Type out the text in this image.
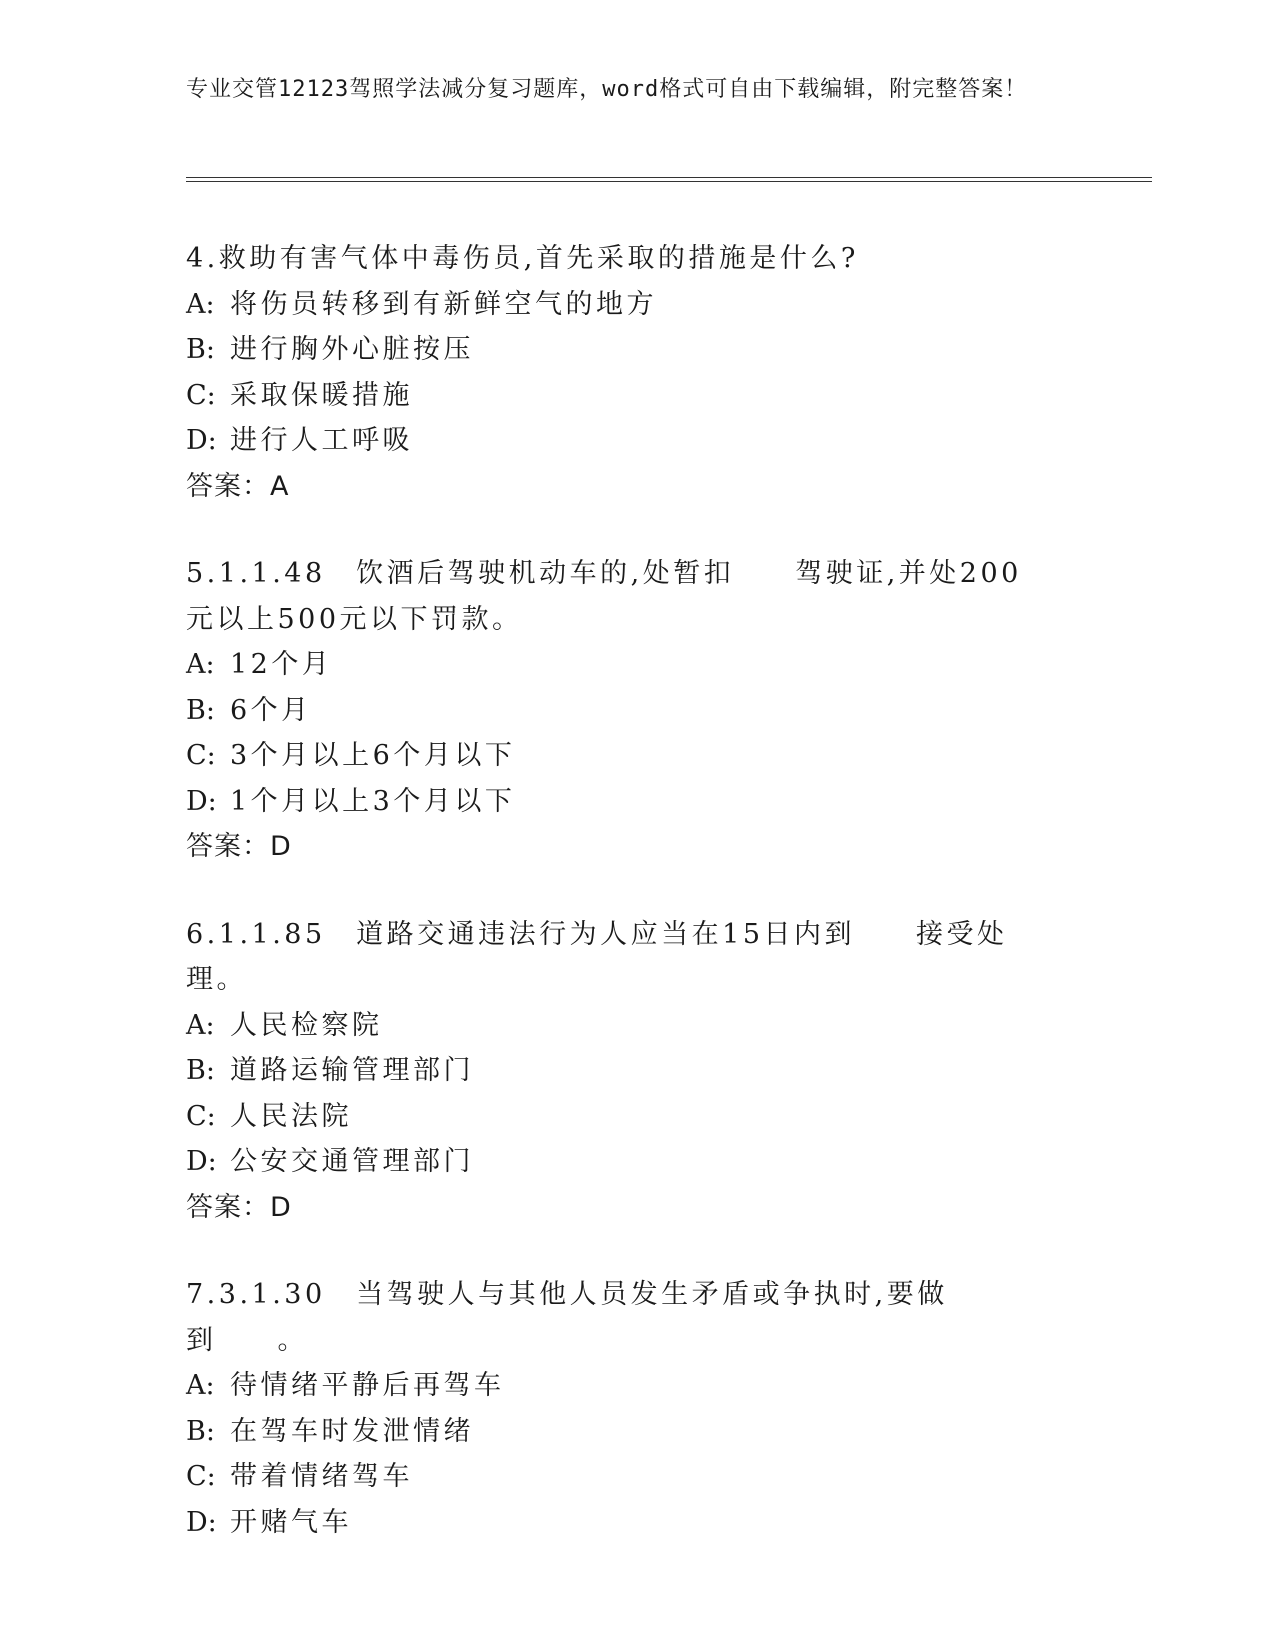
专业交管12123驾照学法减分复习题库，word格式可自由下载编辑，附完整答案！
4.救助有害气体中毒伤员,首先采取的措施是什么?
A: 将伤员转移到有新鲜空气的地方
B: 进行胸外心脏按压
C: 采取保暖措施
D: 进行人工呼吸
答案：A
5.1.1.48　饮酒后驾驶机动车的,处暂扣　　驾驶证,并处200元以上500元以下罚款。
A: 12个月
B: 6个月
C: 3个月以上6个月以下
D: 1个月以上3个月以下
答案：D
6.1.1.85　道路交通违法行为人应当在15日内到　　接受处理。
A: 人民检察院
B: 道路运输管理部门
C: 人民法院
D: 公安交通管理部门
答案：D
7.3.1.30　当驾驶人与其他人员发生矛盾或争执时,要做到　　。
A: 待情绪平静后再驾车
B: 在驾车时发泄情绪
C: 带着情绪驾车
D: 开赌气车
